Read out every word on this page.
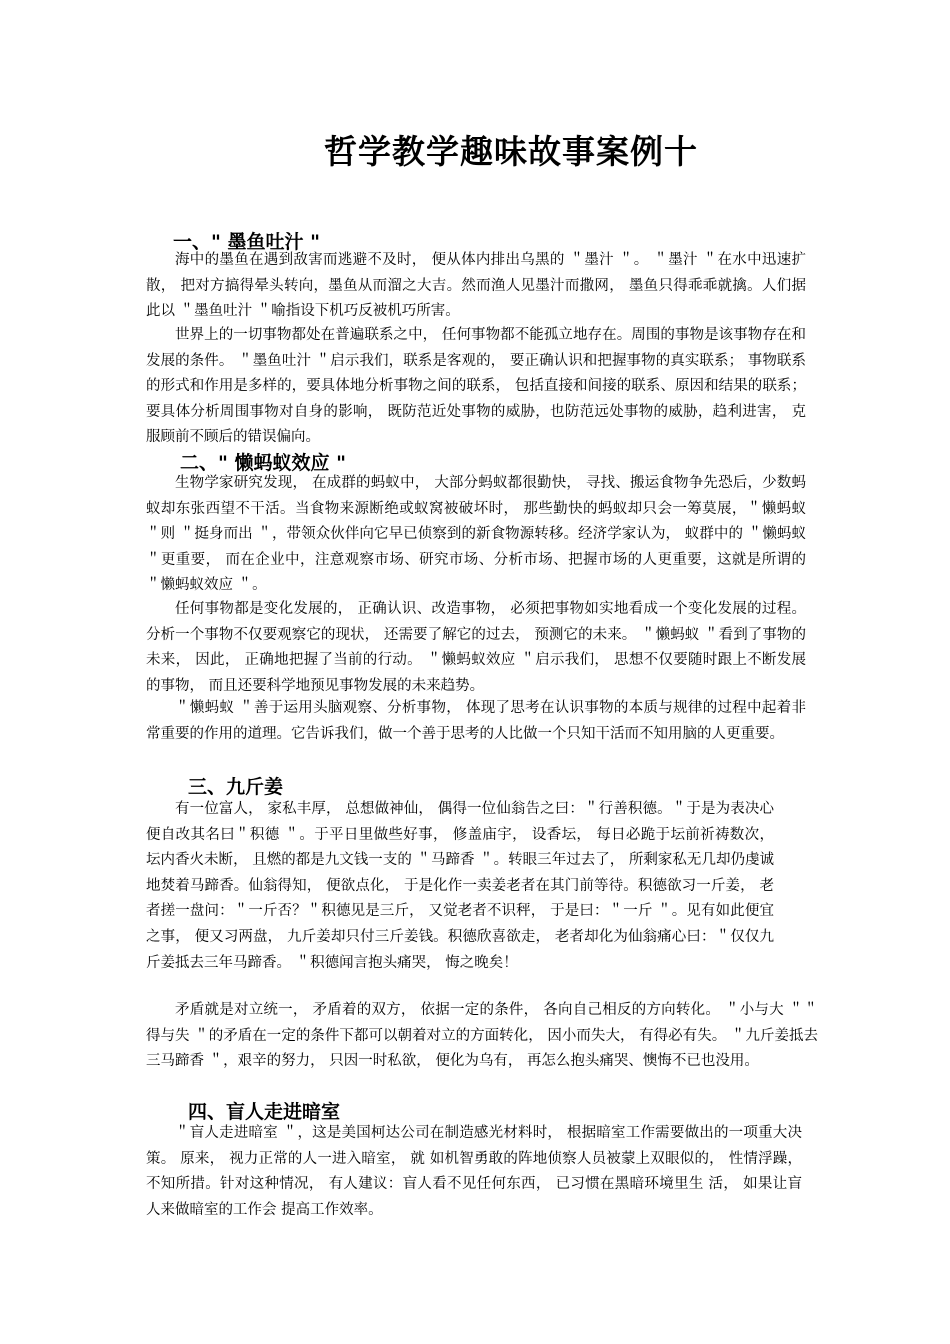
哲学教学趣味故事案例十
一、" 墨鱼吐汁 "

海中的墨鱼在遇到敌害而逃避不及时， 便从体内排出乌黑的 ＂墨汁 ＂。 ＂墨汁 ＂在水中迅速扩散， 把对方搞得晕头转向，墨鱼从而溜之大吉。然而渔人见墨汁而撒网， 墨鱼只得乖乖就擒。人们据此以 ＂墨鱼吐汁 ＂喻指设下机巧反被机巧所害。

世界上的一切事物都处在普遍联系之中， 任何事物都不能孤立地存在。周围的事物是该事物存在和发展的条件。 ＂墨鱼吐汁 ＂启示我们，联系是客观的， 要正确认识和把握事物的真实联系； 事物联系的形式和作用是多样的，要具体地分析事物之间的联系， 包括直接和间接的联系、原因和结果的联系； 要具体分析周围事物对自身的影响， 既防范近处事物的威胁，也防范远处事物的威胁，趋利进害， 克服顾前不顾后的错误偏向。

二、" 懒蚂蚁效应 "

生物学家研究发现， 在成群的蚂蚁中， 大部分蚂蚁都很勤快， 寻找、搬运食物争先恐后，少数蚂蚁却东张西望不干活。当食物来源断绝或蚁窝被破坏时， 那些勤快的蚂蚁却只会一筹莫展，＂懒蚂蚁 ＂则 ＂挺身而出 ＂，带领众伙伴向它早已侦察到的新食物源转移。经济学家认为， 蚁群中的 ＂懒蚂蚁 ＂更重要， 而在企业中，注意观察市场、研究市场、分析市场、把握市场的人更重要，这就是所谓的 ＂懒蚂蚁效应 ＂。

任何事物都是变化发展的， 正确认识、改造事物， 必须把事物如实地看成一个变化发展的过程。分析一个事物不仅要观察它的现状， 还需要了解它的过去， 预测它的未来。 ＂懒蚂蚁 ＂看到了事物的未来， 因此， 正确地把握了当前的行动。 ＂懒蚂蚁效应 ＂启示我们， 思想不仅要随时跟上不断发展的事物， 而且还要科学地预见事物发展的未来趋势。

＂懒蚂蚁 ＂善于运用头脑观察、分析事物， 体现了思考在认识事物的本质与规律的过程中起着非常重要的作用的道理。它告诉我们，做一个善于思考的人比做一个只知干活而不知用脑的人更重要。

三、九斤姜

有一位富人， 家私丰厚， 总想做神仙， 偶得一位仙翁告之曰：＂行善积德。＂于是为表决心便自改其名曰＂积德 ＂。于平日里做些好事， 修盖庙宇， 设香坛， 每日必跪于坛前祈祷数次， 坛内香火未断， 且燃的都是九文钱一支的 ＂马蹄香 ＂。转眼三年过去了， 所剩家私无几却仍虔诚地焚着马蹄香。仙翁得知， 便欲点化， 于是化作一卖姜老者在其门前等待。积德欲习一斤姜， 老者搓一盘问：＂一斤否？＂积德见是三斤， 又觉老者不识秤， 于是曰：＂一斤 ＂。见有如此便宜之事， 便又习两盘， 九斤姜却只付三斤姜钱。积德欣喜欲走， 老者却化为仙翁痛心曰：＂仅仅九斤姜抵去三年马蹄香。 ＂积德闻言抱头痛哭， 悔之晚矣！

矛盾就是对立统一， 矛盾着的双方， 依据一定的条件， 各向自己相反的方向转化。 ＂小与大 ＂＂得与失 ＂的矛盾在一定的条件下都可以朝着对立的方面转化， 因小而失大， 有得必有失。 ＂九斤姜抵去三马蹄香 ＂，艰辛的努力， 只因一时私欲， 便化为乌有， 再怎么抱头痛哭、懊悔不已也没用。

四、盲人走进暗室

＂盲人走进暗室 ＂，这是美国柯达公司在制造感光材料时， 根据暗室工作需要做出的一项重大决策。 原来， 视力正常的人一进入暗室， 就 如机智勇敢的阵地侦察人员被蒙上双眼似的， 性情浮躁， 不知所措。针对这种情况， 有人建议：盲人看不见任何东西， 已习惯在黑暗环境里生 活， 如果让盲人来做暗室的工作会 提高工作效率。
